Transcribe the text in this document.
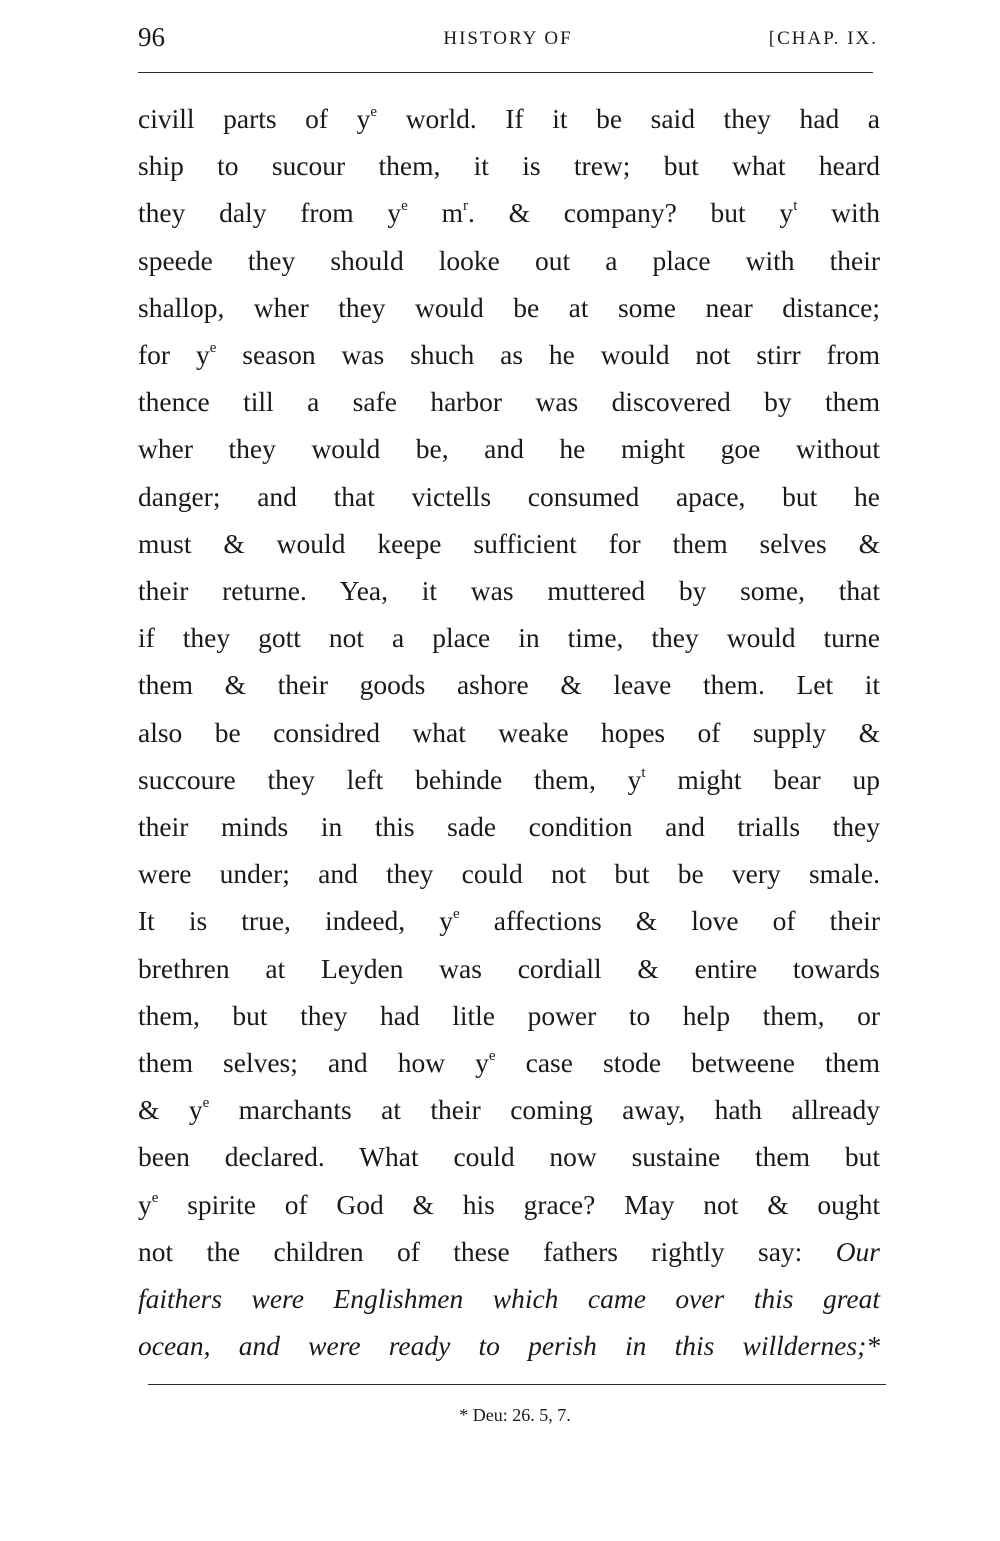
96	HISTORY OF	[CHAP. IX.
civill parts of $y^e$ world. If it be said they had a
ship to sucour them, it is trew; but what heard
they daly from $y^e$ $m^r$. & company? but $y^t$ with
speede they should looke out a place with their
shallop, wher they would be at some near distance;
for $y^e$ season was shuch as he would not stirr from
thence till a safe harbor was discovered by them
wher they would be, and he might goe without
danger; and that victells consumed apace, but he
must & would keepe sufficient for them selves &
their returne. Yea, it was muttered by some, that
if they gott not a place in time, they would turne
them & their goods ashore & leave them. Let it
also be considred what weake hopes of supply &
succoure they left behinde them, $y^t$ might bear up
their minds in this sade condition and trialls they
were under; and they could not but be very smale.
It is true, indeed, $y^e$ affections & love of their
brethren at Leyden was cordiall & entire towards
them, but they had litle power to help them, or
them selves; and how $y^e$ case stode betweene them
& $y^e$ marchants at their coming away, hath allready
been declared. What could now sustaine them but
$y^e$ spirite of God & his grace? May not & ought
not the children of these fathers rightly say: Our
faithers were Englishmen which came over this great
ocean, and were ready to perish in this willdernes;*
* Deu: 26. 5, 7.
